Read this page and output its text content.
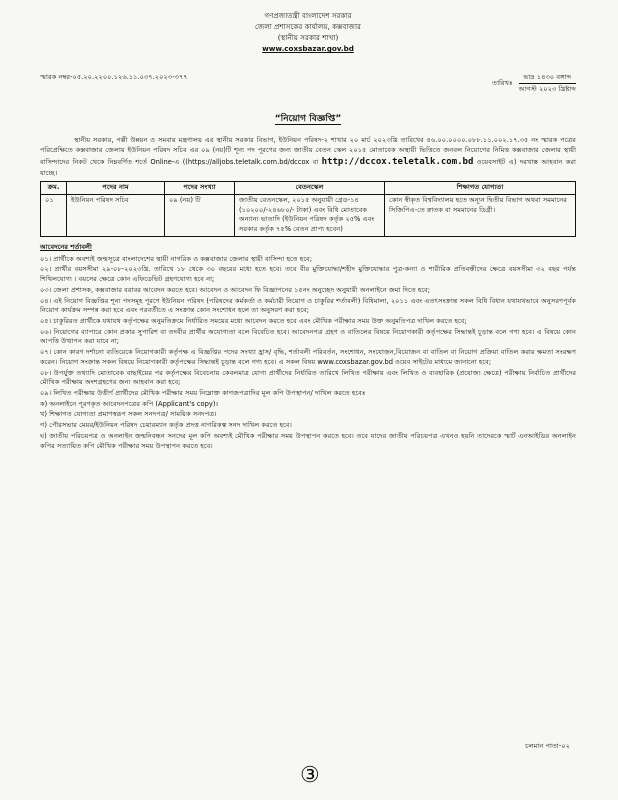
গণপ্রজাতন্ত্রী বাংলাদেশ সরকার
জেলা প্রশাসকের কার্যালয়, কক্সবাজার
(স্থানীয় সরকার শাখা)
www.coxsbazar.gov.bd
স্মারক নম্বর-০৫.২০.২২০০.১২৬.১১.০৩৭.২০২৩-৩৭৭
তারিখঃ
ভাদ্র ১৪৩০ বঙ্গাব্দ
আগস্ট ২০২৩ খ্রিষ্টাব্দ
“নিয়োগ বিজ্ঞপ্তি”

স্থানীয় সরকার, পল্লী উন্নয়ন ও সমবায় মন্ত্রণালয় এর স্থানীয় সরকার বিভাগ, ইউনিয়ন পরিষদ-২ শাখার ২০ মার্চ ২০২৩খ্রি তারিখের ৪৬.০০.০০০০.০৮৮.১১.০০২.১৭.৩৫ নং স্মারক পত্রের পরিপ্রেক্ষিতে কক্সবাজার জেলায় ইউনিয়ন পরিষদ সচিব এর ০৯ (নয়)টি শূন্য পদ পূরণের জন্য জাতীয় বেতন স্কেল ২০১৫ মোতাবেক অস্থায়ী ভিত্তিতে জনবল নিয়োগের নিমিত্ত কক্সবাজার জেলার স্থায়ী বাসিন্দাদের নিকট থেকে নিম্নবর্ণিত শর্তে Online-এ ((https://alljobs.teletalk.com.bd/dccox বা http://dccox.teletalk.com.bd ওয়েবসাইট এ) দরখাস্ত আহবান করা যাচ্ছে।

ক্রম.	পদের নাম	পদের সংখ্যা	বেতনস্কেল	শিক্ষাগত যোগ্যতা
০১	ইউনিয়ন পরিষদ সচিব	০৯ (নয়) টি	জাতীয় বেতনস্কেল, ২০১৫ অনুযায়ী গ্রেড-১৪ (১০২০০/-২৪৬৮০/- টাকা) এবং বিধি মোতাবেক অন্যান্য ভাতাদি (ইউনিয়ন পরিষদ কর্তৃক ২৫% এবং সরকার কর্তৃক ৭৫% বেতন প্রাপ্য হবেন)	কোন স্বীকৃত বিশ্ববিদ্যালয় হতে অন্যূন দ্বিতীয় বিভাগ অথবা সমমানের সিজিপিএ-তে স্নাতক বা সমমানের ডিগ্রী।
আবেদনের শর্তাবলী
০১। প্রার্থীকে অবশ্যই জন্মসূত্রে বাংলাদেশের স্থায়ী নাগরিক ও কক্সবাজার জেলার স্থায়ী বাসিন্দা হতে হবে;
০২। প্রার্থীর বয়সসীমা ২৯-০৮-২০২৩খ্রি. তারিখে ১৮ থেকে ৩০ বছরের মধ্যে হতে হবে। তবে বীর মুক্তিযোদ্ধা/শহীদ মুক্তিযোদ্ধার পুত্র-কন্যা ও শারীরিক প্রতিবন্ধীদের ক্ষেত্রে বয়সসীমা ৩২ বছর পর্যন্ত শিথিলযোগ্য । বয়সের ক্ষেত্রে কোন এফিডেভিট গ্রহণযোগ্য হবে না;
০৩। জেলা প্রশাসক, কক্সবাজার বরাবর আবেদন করতে হবে। আবেদন ও আবেদন ফি বিজ্ঞাপনের ১৫নং অনুচ্ছেদ অনুযায়ী অনলাইনে জমা দিতে হবে;
০৪। এই নিয়োগ বিজ্ঞপ্তির শূন্য পদসমূহ পূরণে ইউনিয়ন পরিষদ (পরিষদের কর্মকর্তা ও কর্মচারী নিয়োগ ও চাকুরির শর্তাবলী) বিধিমালা, ২০১১ এবং এতৎসংক্রান্ত সকল বিধি বিধান যথাযথভাবে অনুসরণপূর্বক নিয়োগ কার্যক্রম সম্পন্ন করা হবে এবং পরবর্তীতে এ সংক্রান্ত কোন সংশোধন হলে তা অনুসরণ করা হবে;
০৫। চাকুরিরত প্রার্থীকে যথাযথ কর্তৃপক্ষের অনুমতিক্রমে নির্ধারিত সময়ের মধ্যে আবেদন করতে হবে এবং মৌখিক পরীক্ষার সময় উক্ত অনুমতিপত্র দাখিল করতে হবে;
০৬। নিয়োগের ব্যাপারে কোন প্রকার সুপারিশ বা তদবীর প্রার্থীর অযোগ্যতা বলে বিবেচিত হবে। আবেদনপত্র গ্রহণ ও বাতিলের বিষয়ে নিয়োগকারী কর্তৃপক্ষের সিদ্ধান্তই চূড়ান্ত বলে গণ্য হবে। এ বিষয়ে কোন আপত্তি উত্থাপন করা যাবে না;
০৭। কোন কারণ দর্শানো ব্যতিরেকে নিয়োগকারী কর্তৃপক্ষ এ বিজ্ঞপ্তির পদের সংখ্যা হ্রাস/ বৃদ্ধি, শর্তাবলী পরিবর্তন, সংশোধন, সংযোজন,বিয়োজন বা বাতিল বা নিয়োগ প্রক্রিয়া বাতিল করার ক্ষমতা সংরক্ষণ করেন। নিয়োগ সংক্রান্ত সকল বিষয়ে নিয়োগকারী কর্তৃপক্ষের সিদ্ধান্তই চূড়ান্ত বলে গণ্য হবে। এ সকল বিষয় www.coxsbazar.gov.bd ওয়েব সাইটের মাধ্যমে জানানো হবে;
০৮। উপর্যুক্ত তথ্যাদি মোতাবেক বাছাইয়ের পর কর্তৃপক্ষের বিবেচনায় কেবলমাত্র যোগ্য প্রার্থীদের নির্ধারিত তারিখে লিখিত পরীক্ষায় এবং লিখিত ও ব্যবহারিক (প্রযোজ্য ক্ষেত্রে) পরীক্ষায় নির্বাচিত প্রার্থীদের মৌখিক পরীক্ষায় অংশগ্রহণের জন্য আহবান করা হবে;
০৯। লিখিত পরীক্ষায় উত্তীর্ণ প্রার্থীদের মৌখিক পরীক্ষার সময় নিম্নোক্ত কাগজপত্রাদির মূল কপি উপস্থাপন/ দাখিল করতে হবেঃ
ক) অনলাইনে পূরণকৃত আবেদনপত্রের কপি (Applicant's copy)।
খ) শিক্ষাগত যোগ্যতা প্রমাণস্বরূপ সকল সনদপত্র/ সাময়িক সনদপত্র।
গ) পৌরসভার মেয়র/ইউনিয়ন পরিষদ চেয়ারম্যান কর্তৃক প্রদত্ত নাগরিকত্ব সনদ দাখিল করতে হবে।
ঘ) জাতীয় পরিচয়পত্র ও অনলাইন জন্মনিবন্ধন সনদের মূল কপি অবশ্যই মৌখিক পরীক্ষার সময় উপস্থাপন করতে হবে। তবে যাদের জাতীয় পরিচয়পত্র এখনও হয়নি তাদেরকে স্মার্ট এনআইডির অনলাইন কপির সত্যায়িত কপি মৌখিক পরীক্ষার সময় উপস্থাপন করতে হবে।
চলমান পাতা-০২
③
